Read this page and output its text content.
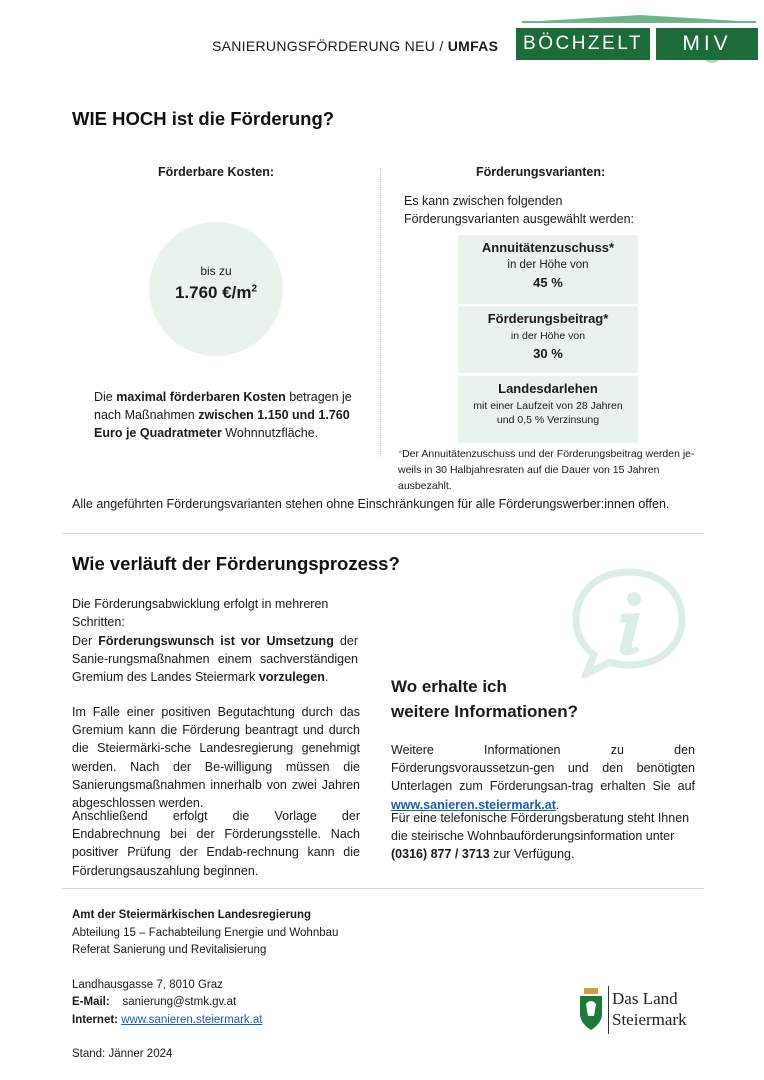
SANIERUNGSFÖRDERUNG NEU / UMFAS	BÖCHZELT	MIV
WIE HOCH ist die Förderung?
Förderbare Kosten:
bis zu
1.760 $€/m^2$
Die maximal förderbaren Kosten betragen je nach Maßnahmen zwischen 1.150 und 1.760 Euro je Quadratmeter Wohnnutzfläche.
Förderungsvarianten:
Es kann zwischen folgenden Förderungsvarianten ausgewählt werden:
Annuitätenzuschuss*
in der Höhe von
45 %
Förderungsbeitrag*
in der Höhe von
30 %
Landesdarlehen
mit einer Laufzeit von 28 Jahren
und 0,5 % Verzinsung
*Der Annuitätenzuschuss und der Förderungsbeitrag werden je-weils in 30 Halbjahresraten auf die Dauer von 15 Jahren ausbezahlt.
Alle angeführten Förderungsvarianten stehen ohne Einschränkungen für alle Förderungswerber:innen offen.
Wie verläuft der Förderungsprozess?
Die Förderungsabwicklung erfolgt in mehreren Schritten:
Der Förderungswunsch ist vor Umsetzung der Sanie-rungsmaßnahmen einem sachverständigen Gremium des Landes Steiermark vorzulegen.
Im Falle einer positiven Begutachtung durch das Gremium kann die Förderung beantragt und durch die Steiermärki-sche Landesregierung genehmigt werden. Nach der Be-willigung müssen die Sanierungsmaßnahmen innerhalb von zwei Jahren abgeschlossen werden.
Anschließend erfolgt die Vorlage der Endabrechnung bei der Förderungsstelle. Nach positiver Prüfung der Endab-rechnung kann die Förderungsauszahlung beginnen.
Wo erhalte ich
weitere Informationen?
Weitere Informationen zu den Förderungsvoraussetzun-gen und den benötigten Unterlagen zum Förderungsan-trag erhalten Sie auf www.sanieren.steiermark.at.
Für eine telefonische Förderungsberatung steht Ihnen die steirische Wohnbauförderungsinformation unter (0316) 877 / 3713 zur Verfügung.
Amt der Steiermärkischen Landesregierung
Abteilung 15 – Fachabteilung Energie und Wohnbau
Referat Sanierung und Revitalisierung
Landhausgasse 7, 8010 Graz
E-Mail: sanierung@stmk.gv.at
Internet: www.sanieren.steiermark.at
Stand: Jänner 2024
Das Land
Steiermark
